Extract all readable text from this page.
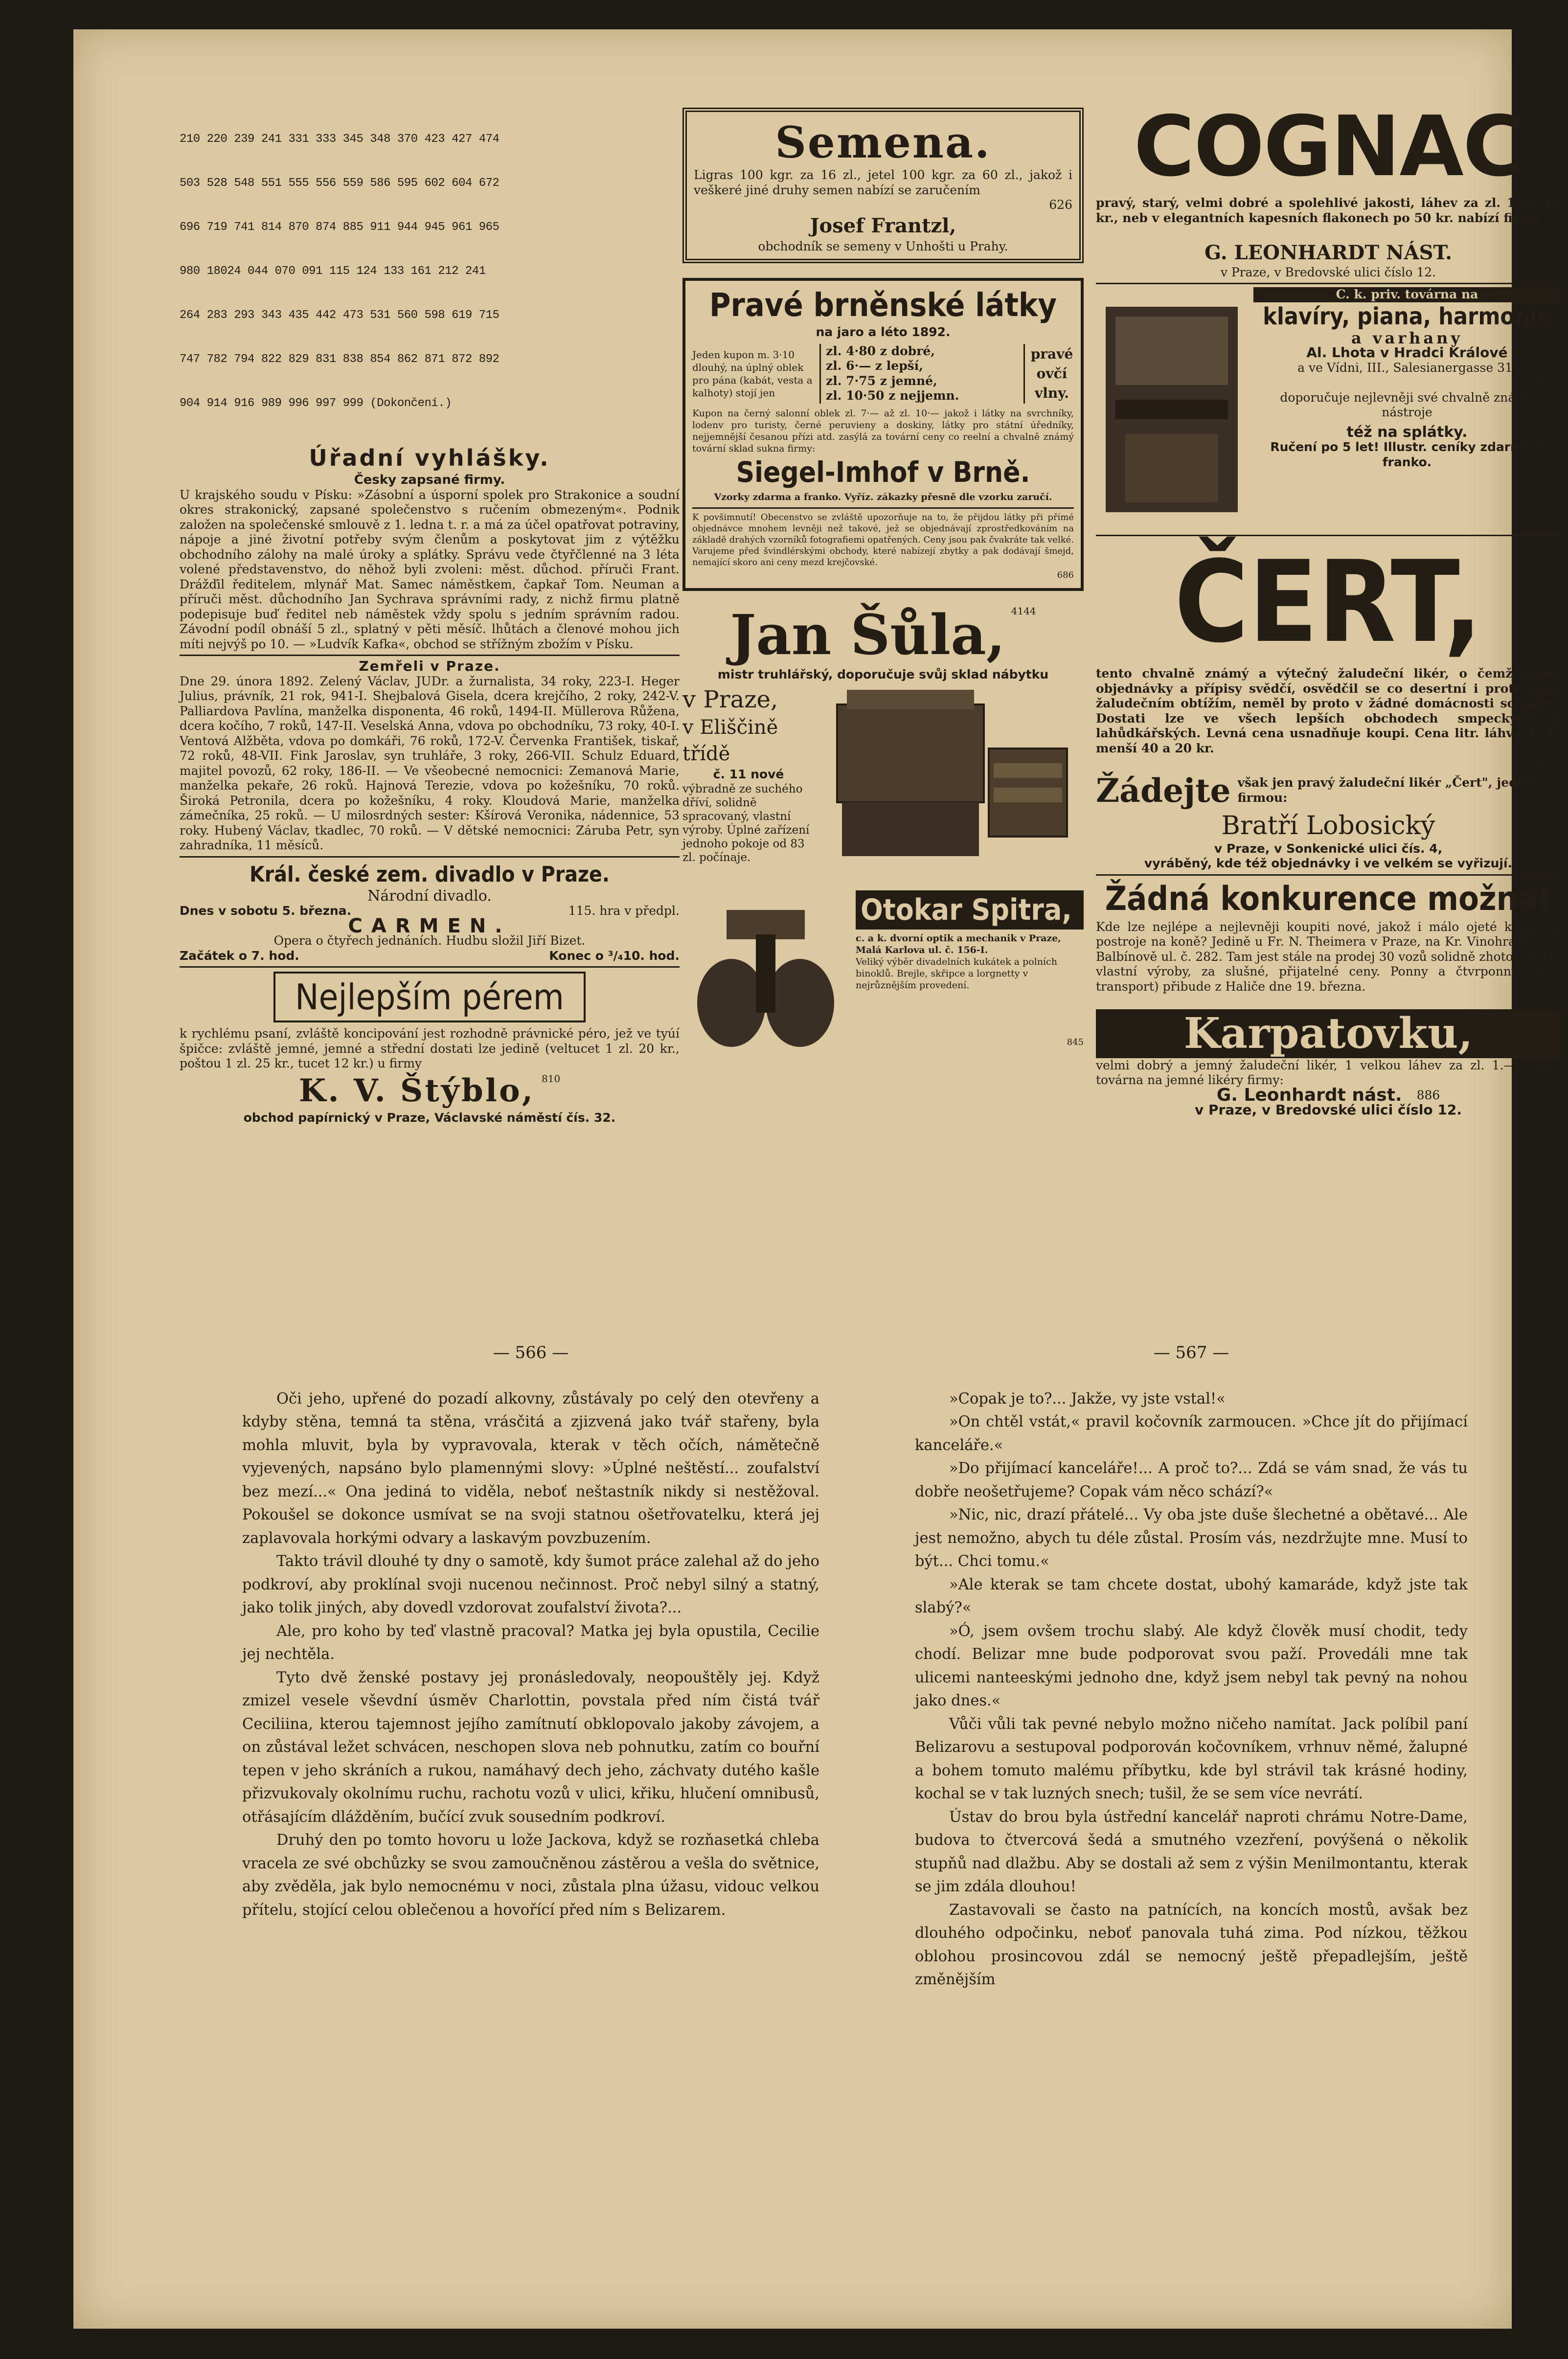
210 220 239 241 331 333 345 348 370 423 427 474

503 528 548 551 555 556 559 586 595 602 604 672

696 719 741 814 870 874 885 911 944 945 961 965

980 18024 044 070 091 115 124 133 161 212 241

264 283 293 343 435 442 473 531 560 598 619 715

747 782 794 822 829 831 838 854 862 871 872 892

904 914 916 989 996 997 999 (Dokončení.)

Úřadní vyhlášky.
Česky zapsané firmy.

U krajského soudu v Písku: »Zásobní a úsporní spolek pro Strakonice a soudní okres strakonický, zapsané společenstvo s ručením obmezeným«. Podnik založen na společenské smlouvě z 1. ledna t. r. a má za účel opatřovat potraviny, nápoje a jiné životní potřeby svým členům a poskytovat jim z výtěžku obchodního zálohy na malé úroky a splátky. Správu vede čtyřčlenné na 3 léta volené představenstvo, do něhož byli zvoleni: měst. důchod. příruči Frant. Drážďil ředitelem, mlynář Mat. Samec náměstkem, čapkař Tom. Neuman a příruči měst. důchodního Jan Sychrava správními rady, z nichž firmu platně podepisuje buď ředitel neb náměstek vždy spolu s jedním správním radou. Závodní podíl obnáší 5 zl., splatný v pěti měsíč. lhůtách a členové mohou jich míti nejvýš po 10. — »Ludvík Kafka«, obchod se střížným zbožím v Písku.

Zemřeli v Praze.

Dne 29. února 1892. Zelený Václav, JUDr. a žurnalista, 34 roky, 223-I. Heger Julius, právník, 21 rok, 941-I. Shejbalová Gisela, dcera krejčího, 2 roky, 242-V. Palliardova Pavlína, manželka disponenta, 46 roků, 1494-II. Müllerova Růžena, dcera kočího, 7 roků, 147-II. Veselská Anna, vdova po obchodníku, 73 roky, 40-I. Ventová Alžběta, vdova po domkáři, 76 roků, 172-V. Červenka František, tiskař, 72 roků, 48-VII. Fink Jaroslav, syn truhláře, 3 roky, 266-VII. Schulz Eduard, majitel povozů, 62 roky, 186-II. — Ve všeobecné nemocnici: Zemanová Marie, manželka pekaře, 26 roků. Hajnová Terezie, vdova po kožešníku, 70 roků. Široká Petronila, dcera po kožešníku, 4 roky. Kloudová Marie, manželka zámečníka, 25 roků. — U milosrdných sester: Kšírová Veronika, nádennice, 53 roky. Hubený Václav, tkadlec, 70 roků. — V dětské nemocnici: Záruba Petr, syn zahradníka, 11 měsíců.

Král. české zem. divadlo v Praze.
Národní divadlo.
Dnes v sobotu 5. března.	115. hra v předpl.
CARMEN.
Opera o čtyřech jednáních. Hudbu složil Jiří Bizet.
Začátek o 7. hod.	Konec o ³/₄10. hod.
Nejlepším pérem

k rychlému psaní, zvláště koncipování jest rozhodně právnické péro, jež ve tyúí špičce: zvláště jemné, jemné a střední dostati lze jedině (veltucet 1 zl. 20 kr., poštou 1 zl. 25 kr., tucet 12 kr.) u firmy

K. V. Štýblo, 810
obchod papírnický v Praze, Václavské náměstí čís. 32.
Semena.

Ligras 100 kgr. za 16 zl., jetel 100 kgr. za 60 zl., jakož i veškeré jiné druhy semen nabízí se zaručením

626
Josef Frantzl,
obchodník se semeny v Unhošti u Prahy.
Pravé brněnské látky
na jaro a léto 1892.
Jeden kupon m. 3·10 dlouhý, na úplný oblek pro pána (kabát, vesta a kalhoty) stojí jen
zl. 4·80 z dobré,
zl. 6·— z lepší,
zl. 7·75 z jemné,
zl. 10·50 z nejjemn.
pravé ovčí vlny.

Kupon na černý salonní oblek zl. 7·— až zl. 10·— jakož i látky na svrchníky, lodenv pro turisty, černé peruvieny a doskiny, látky pro státní úředníky, nejjemnější česanou přízi atd. zasýlá za tovární ceny co reelní a chvalně známý tovární sklad sukna firmy:

Siegel-Imhof v Brně.
Vzorky zdarma a franko. Vyříz. zákazky přesně dle vzorku zaručí.

K povšimnutí! Obecenstvo se zvláště upozorňuje na to, že přijdou látky při přímé objednávce mnohem levněji než takové, jež se objednávají zprostředkováním na základě drahých vzorníků fotografiemi opatřených. Ceny jsou pak čvakráte tak velké. Varujeme před švindlérskými obchody, které nabízejí zbytky a pak dodávají šmejd, nemající skoro ani ceny mezd krejčovské.

686
Jan Šůla, 4144
mistr truhlářský, doporučuje svůj sklad nábytku
v Praze,
v Eliščině třídě
č. 11 nové

výbradně ze suchého dříví, solidně spracovaný, vlastní výroby. Úplné zařízení jednoho pokoje od 83 zl. počínaje.

Otokar Spitra,

c. a k. dvorní optik a mechanik v Praze, Malá Karlova ul. č. 156-I.

Veliký výběr divadelních kukátek a polních binoklů. Brejle, skřipce a lorgnetty v nejrůznějším provedení.

845
COGNAC

pravý, starý, velmi dobré a spolehlivé jakosti, láhev za zl. 1 zl. 40 kr., neb v elegantních kapesních flakonech po 50 kr. nabízí firma

888
G. LEONHARDT NÁST.
v Praze, v Bredovské ulici číslo 12.
C. k. priv. továrna na
klavíry, piana, harmonia
a varhany
Al. Lhota v Hradci Králové
a ve Vídni, III., Salesianergasse 31,
2127
doporučuje nejlevněji své chvalně známé nástroje
též na splátky.
Ručení po 5 let! Illustr. ceníky zdarma a franko.
ČERT,

tento chvalně známý a výtečný žaludeční likér, o čemž hojné objednávky a přípisy svědčí, osvědčil se co desertní i proti všem žaludečním obtížím, neměl by proto v žádné domácnosti scházeti. Dostati lze ve všech lepších obchodech smpeckých a lahůdkářských. Levná cena usnadňuje koupi. Cena litr. láhve 1 zl., menší 40 a 20 kr.

872
Žádejte však jen pravý žaludeční likér „Čert", jedině z firmou:
Bratří Lobosický
v Praze, v Sonkenické ulici čís. 4,
vyráběný, kde též objednávky i ve velkém se vyřizují.
Žádná konkurence možná!

Kde lze nejlépe a nejlevněji koupiti nové, jakož i málo ojeté kočáry a postroje na koně? Jedině u Fr. N. Theimera v Praze, na Kr. Vinohradech, v Balbínově ul. č. 282. Tam jest stále na prodej 30 vozů solidně zhotovených, vlastní výroby, za slušné, přijatelné ceny. Ponny a čtvrponny (prvý transport) přibude z Haliče dne 19. března.

759
Karpatovku,

velmi dobrý a jemný žaludeční likér, 1 velkou láhev za zl. 1.— nabízí továrna na jemné likéry firmy:

G. Leonhardt nást. 886
v Praze, v Bredovské ulici číslo 12.
— 566 —

Oči jeho, upřené do pozadí alkovny, zůstávaly po celý den otevřeny a kdyby stěna, temná ta stěna, vrásčitá a zjizvená jako tvář stařeny, byla mohla mluvit, byla by vypravovala, kterak v těch očích, námětečně vyjevených, napsáno bylo plamennými slovy: »Úplné neštěstí... zoufalství bez mezí...« Ona jediná to viděla, neboť neštastník nikdy si nestěžoval. Pokoušel se dokonce usmívat se na svoji statnou ošetřovatelku, která jej zaplavovala horkými odvary a laskavým povzbuzením.

Takto trávil dlouhé ty dny o samotě, kdy šumot práce zalehal až do jeho podkroví, aby proklínal svoji nucenou nečinnost. Proč nebyl silný a statný, jako tolik jiných, aby dovedl vzdorovat zoufalství života?...

Ale, pro koho by teď vlastně pracoval? Matka jej byla opustila, Cecilie jej nechtěla.

Tyto dvě ženské postavy jej pronásledovaly, neopouštěly jej. Když zmizel vesele vševdní úsměv Charlottin, povstala před ním čistá tvář Ceciliina, kterou tajemnost jejího zamítnutí obklopovalo jakoby závojem, a on zůstával ležet schvácen, neschopen slova neb pohnutku, zatím co bouřní tepen v jeho skráních a rukou, namáhavý dech jeho, záchvaty dutého kašle přizvukovaly okolnímu ruchu, rachotu vozů v ulici, křiku, hlučení omnibusů, otřásajícím dlážděním, bučící zvuk sousedním podkroví.

Druhý den po tomto hovoru u lože Jackova, když se rozňasetká chleba vracela ze své obchůzky se svou zamoučněnou zástěrou a vešla do světnice, aby zvěděla, jak bylo nemocnému v noci, zůstala plna úžasu, vidouc velkou přítelu, stojící celou oblečenou a hovořící před ním s Belizarem.

— 567 —

»Copak je to?... Jakže, vy jste vstal!«

»On chtěl vstát,« pravil kočovník zarmoucen. »Chce jít do přijímací kanceláře.«

»Do přijímací kanceláře!... A proč to?... Zdá se vám snad, že vás tu dobře neošetřujeme? Copak vám něco schází?«

»Nic, nic, drazí přátelé... Vy oba jste duše šlechetné a obětavé... Ale jest nemožno, abych tu déle zůstal. Prosím vás, nezdržujte mne. Musí to být... Chci tomu.«

»Ale kterak se tam chcete dostat, ubohý kamaráde, když jste tak slabý?«

»Ó, jsem ovšem trochu slabý. Ale když člověk musí chodit, tedy chodí. Belizar mne bude podporovat svou paží. Provedáli mne tak ulicemi nanteeskými jednoho dne, když jsem nebyl tak pevný na nohou jako dnes.«

Vůči vůli tak pevné nebylo možno ničeho namítat. Jack políbil paní Belizarovu a sestupoval podporován kočovníkem, vrhnuv němé, žalupné a bohem tomuto malému příbytku, kde byl strávil tak krásné hodiny, kochal se v tak luzných snech; tušil, že se sem více nevrátí.

Ústav do brou byla ústřední kancelář naproti chrámu Notre-Dame, budova to čtvercová šedá a smutného vzezření, povýšená o několik stupňů nad dlažbu. Aby se dostali až sem z výšin Menilmontantu, kterak se jim zdála dlouhou!

Zastavovali se často na patnících, na koncích mostů, avšak bez dlouhého odpočinku, neboť panovala tuhá zima. Pod nízkou, těžkou oblohou prosincovou zdál se nemocný ještě přepadlejším, ještě změnějším
